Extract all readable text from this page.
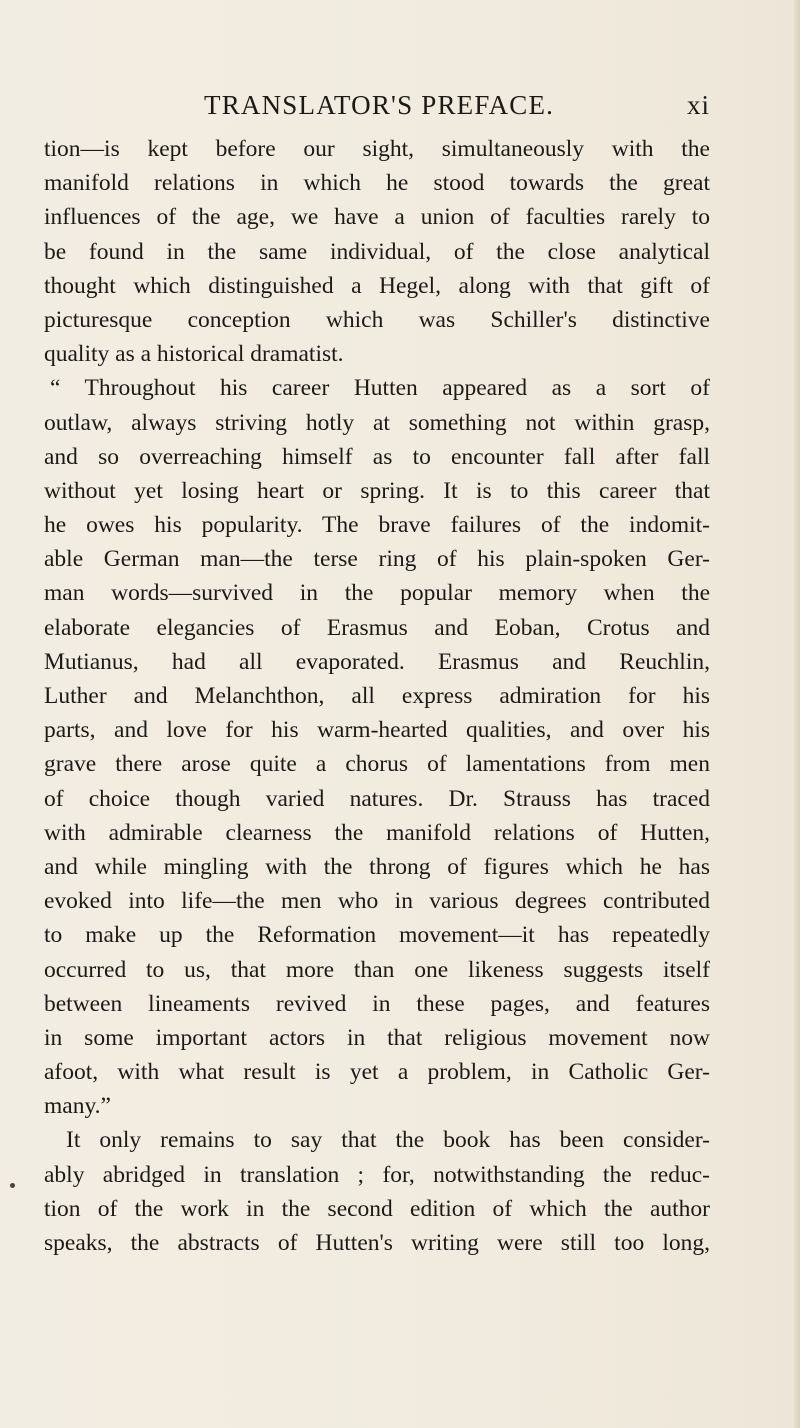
TRANSLATOR'S PREFACE.	xi
tion—is kept before our sight, simultaneously with the
manifold relations in which he stood towards the great
influences of the age, we have a union of faculties rarely to
be found in the same individual, of the close analytical
thought which distinguished a Hegel, along with that gift of
picturesque conception which was Schiller's distinctive
quality as a historical dramatist.
“ Throughout his career Hutten appeared as a sort of
outlaw, always striving hotly at something not within grasp,
and so overreaching himself as to encounter fall after fall
without yet losing heart or spring. It is to this career that
he owes his popularity. The brave failures of the indomit-
able German man—the terse ring of his plain-spoken Ger-
man words—survived in the popular memory when the
elaborate elegancies of Erasmus and Eoban, Crotus and
Mutianus, had all evaporated. Erasmus and Reuchlin,
Luther and Melanchthon, all express admiration for his
parts, and love for his warm-hearted qualities, and over his
grave there arose quite a chorus of lamentations from men
of choice though varied natures. Dr. Strauss has traced
with admirable clearness the manifold relations of Hutten,
and while mingling with the throng of figures which he has
evoked into life—the men who in various degrees contributed
to make up the Reformation movement—it has repeatedly
occurred to us, that more than one likeness suggests itself
between lineaments revived in these pages, and features
in some important actors in that religious movement now
afoot, with what result is yet a problem, in Catholic Ger-
many.”
It only remains to say that the book has been consider-
ably abridged in translation ; for, notwithstanding the reduc-
tion of the work in the second edition of which the author
speaks, the abstracts of Hutten's writing were still too long,
